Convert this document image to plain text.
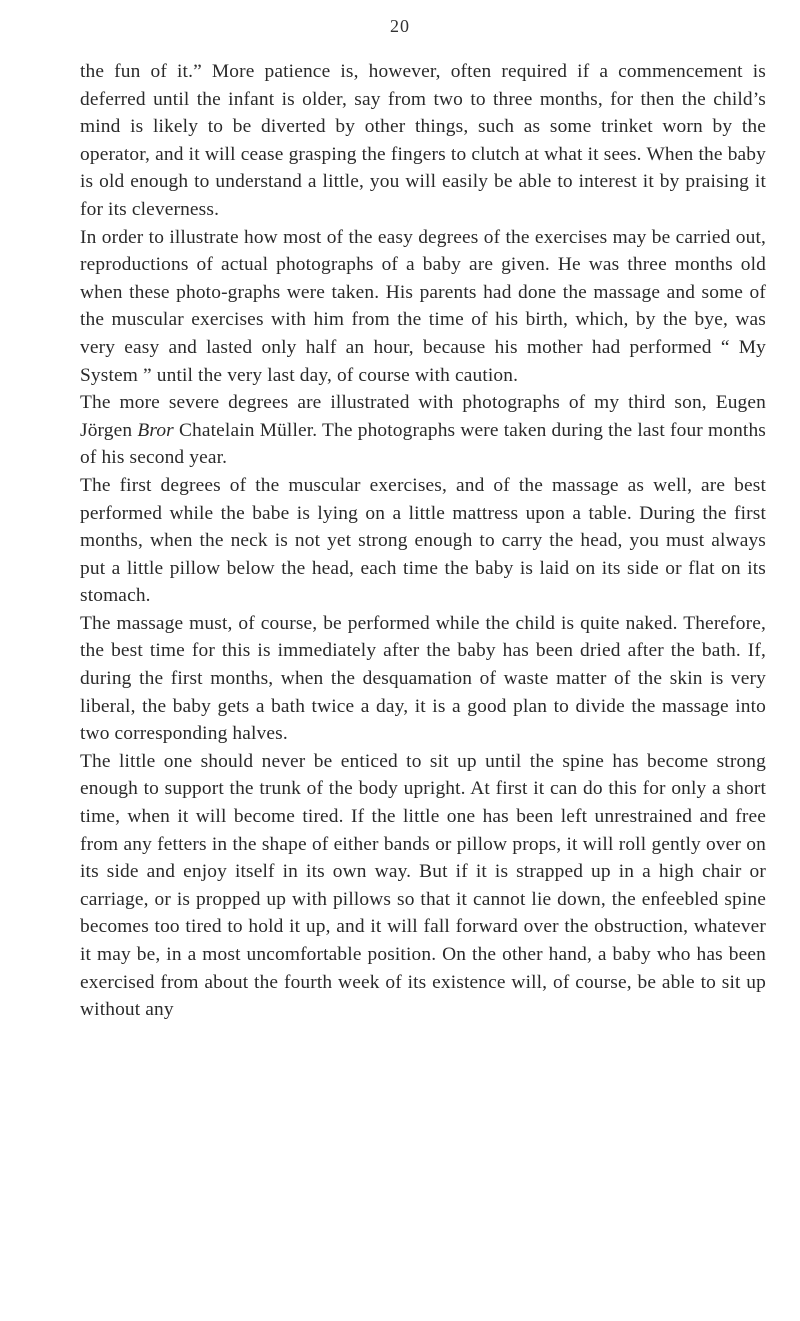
20

the fun of it.” More patience is, however, often required if a commencement is deferred until the infant is older, say from two to three months, for then the child’s mind is likely to be diverted by other things, such as some trinket worn by the operator, and it will cease grasping the fingers to clutch at what it sees. When the baby is old enough to understand a little, you will easily be able to interest it by praising it for its cleverness.

In order to illustrate how most of the easy degrees of the exercises may be carried out, reproductions of actual photographs of a baby are given. He was three months old when these photo-graphs were taken. His parents had done the massage and some of the muscular exercises with him from the time of his birth, which, by the bye, was very easy and lasted only half an hour, because his mother had performed “ My System ” until the very last day, of course with caution.

The more severe degrees are illustrated with photographs of my third son, Eugen Jörgen Bror Chatelain Müller. The photographs were taken during the last four months of his second year.

The first degrees of the muscular exercises, and of the massage as well, are best performed while the babe is lying on a little mattress upon a table. During the first months, when the neck is not yet strong enough to carry the head, you must always put a little pillow below the head, each time the baby is laid on its side or flat on its stomach.

The massage must, of course, be performed while the child is quite naked. Therefore, the best time for this is immediately after the baby has been dried after the bath. If, during the first months, when the desquamation of waste matter of the skin is very liberal, the baby gets a bath twice a day, it is a good plan to divide the massage into two corresponding halves.

The little one should never be enticed to sit up until the spine has become strong enough to support the trunk of the body upright. At first it can do this for only a short time, when it will become tired. If the little one has been left unrestrained and free from any fetters in the shape of either bands or pillow props, it will roll gently over on its side and enjoy itself in its own way. But if it is strapped up in a high chair or carriage, or is propped up with pillows so that it cannot lie down, the enfeebled spine becomes too tired to hold it up, and it will fall forward over the obstruction, whatever it may be, in a most uncomfortable position. On the other hand, a baby who has been exercised from about the fourth week of its existence will, of course, be able to sit up without any
